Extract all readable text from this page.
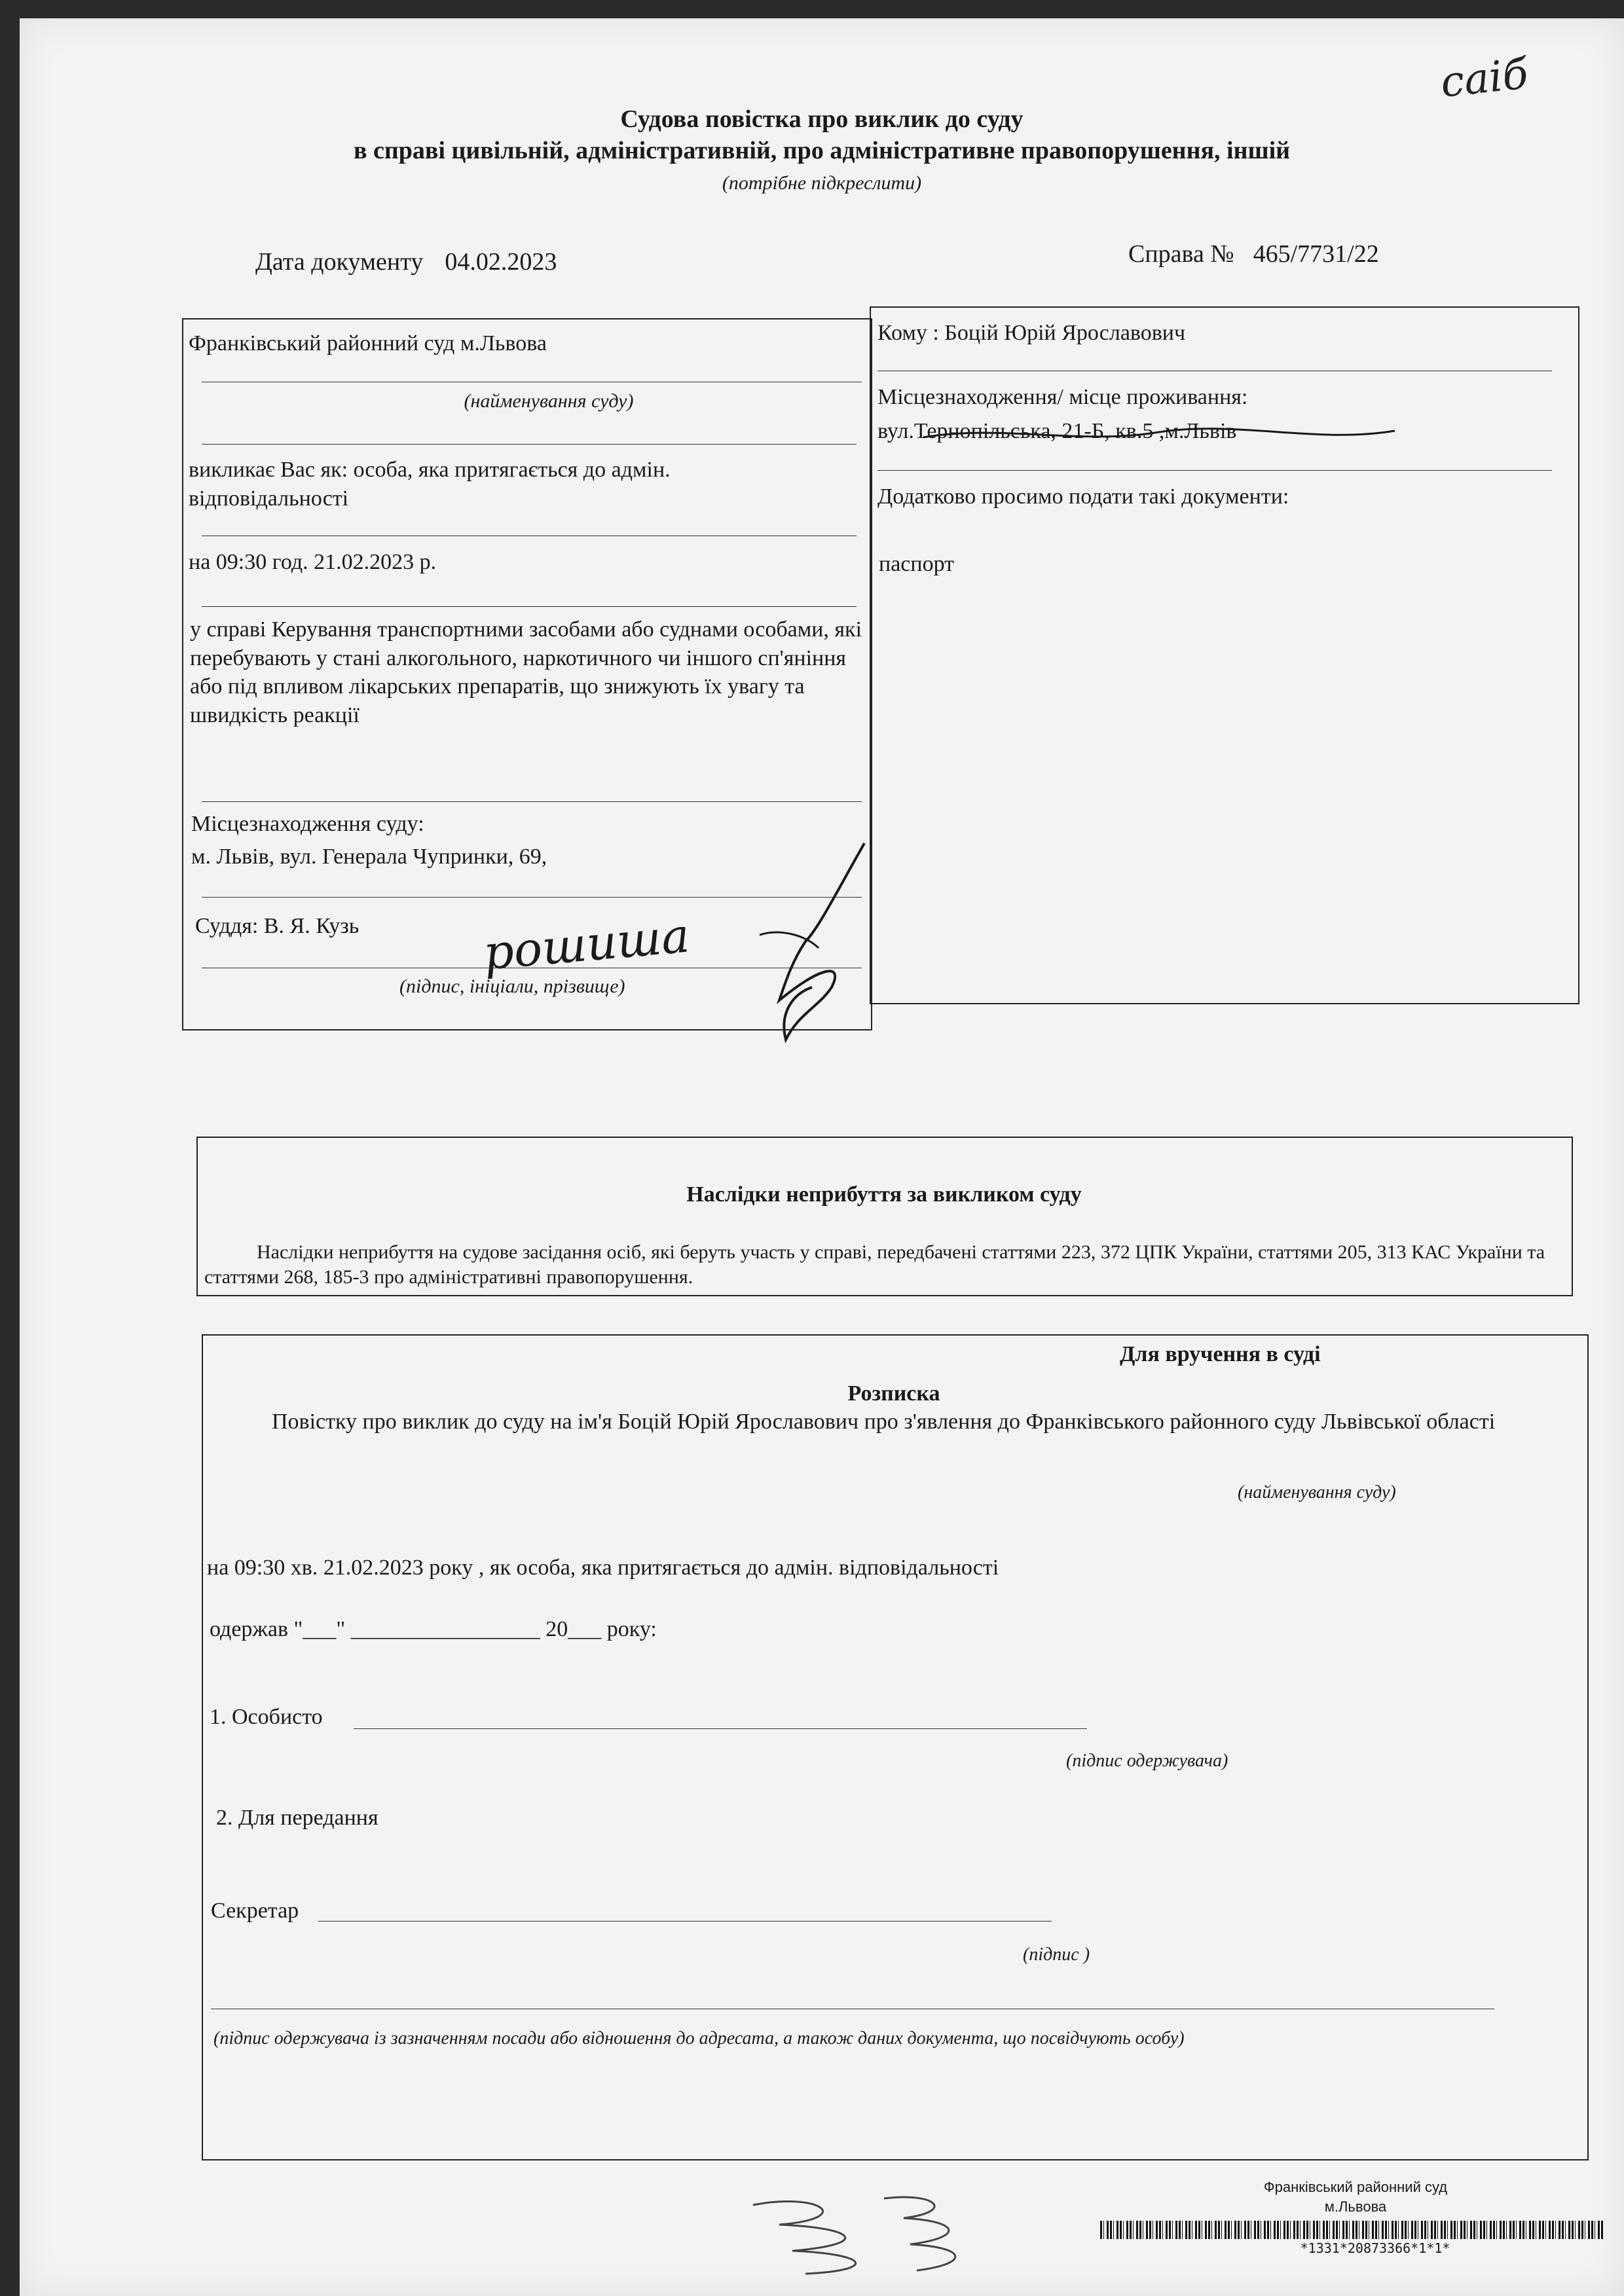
саіб
Судова повістка про виклик до суду
в справі цивільній, адміністративній, про адміністративне правопорушення, іншій
(потрібне підкреслити)
Дата документу 04.02.2023	Справа № 465/7731/22
Франківський районний суд м.Львова
(найменування суду)
викликає Вас як: особа, яка притягається до адмін. відповідальності
на 09:30 год. 21.02.2023 р.
у справі Керування транспортними засобами або суднами особами, які перебувають у стані алкогольного, наркотичного чи іншого сп'яніння або під впливом лікарських препаратів, що знижують їх увагу та швидкість реакції
Місцезнаходження суду:
м. Львів, вул. Генерала Чупринки, 69,
Суддя: В. Я. Кузь	рошиша
(підпис, ініціали, прізвище)
Кому : Боцій Юрій Ярославович
Місцезнаходження/ місце проживання:
вул.Тернопільська, 21-Б, кв.5 ,м.Львів
Додатково просимо подати такі документи:
паспорт
Наслідки неприбуття за викликом суду
Наслідки неприбуття на судове засідання осіб, які беруть участь у справі, передбачені статтями 223, 372 ЦПК України, статтями 205, 313 КАС України та статтями 268, 185-3 про адміністративні правопорушення.
Для вручення в суді
Розписка
Повістку про виклик до суду на ім'я Боцій Юрій Ярославович про з'явлення до Франківського районного суду Львівської області
(найменування суду)
на 09:30 хв. 21.02.2023 року , як особа, яка притягається до адмін. відповідальності
одержав "___" _________________ 20___ року:
1. Особисто
(підпис одержувача)
2. Для передання
Секретар
(підпис )
(підпис одержувача із зазначенням посади або відношення до адресата, а також даних документа, що посвідчують особу)
Франківський районний суд
м.Львова
*1331*20873366*1*1*
